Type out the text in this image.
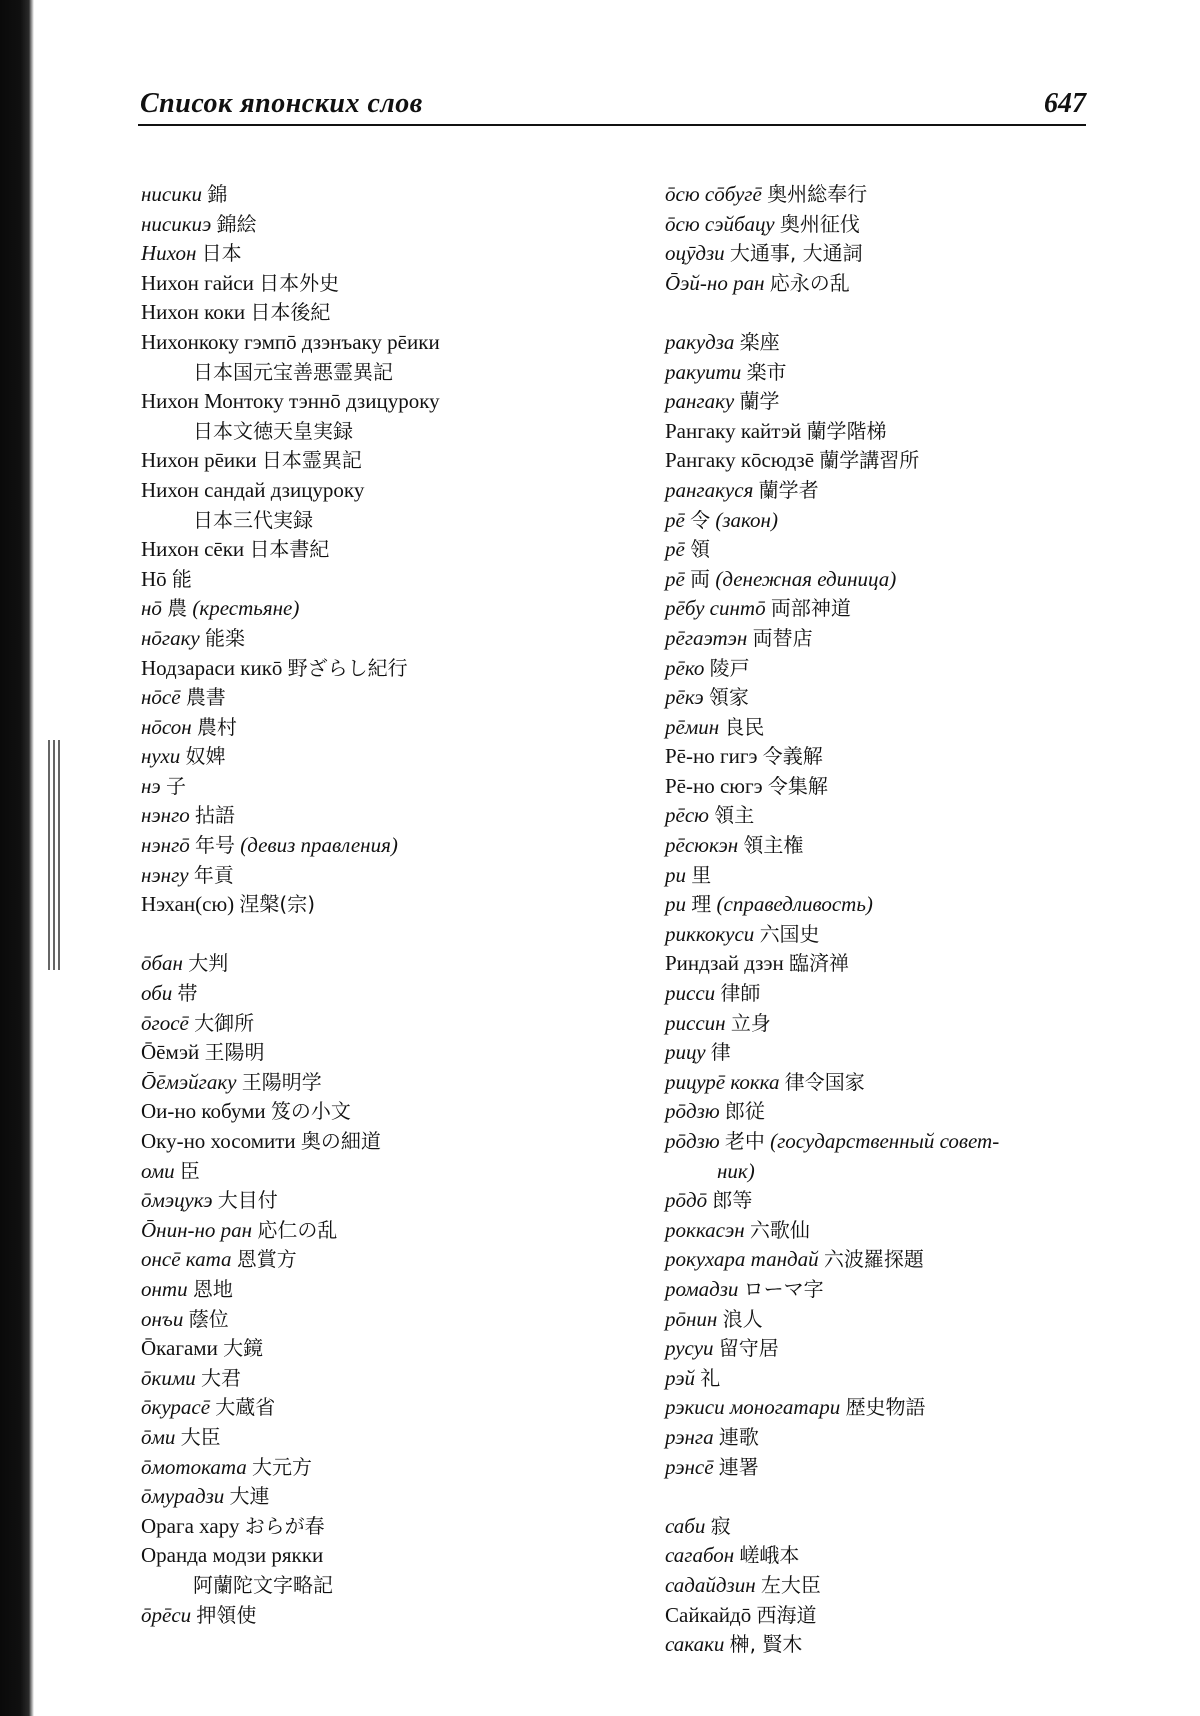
Список японских слов	647
нисики 錦
нисикиэ 錦絵
Нихон 日本
Нихон гайси 日本外史
Нихон коки 日本後紀
Нихонкоку гэмпō дзэнъаку рēики
日本国元宝善悪霊異記
Нихон Монтоку тэннō дзицуроку
日本文徳天皇実録
Нихон рēики 日本霊異記
Нихон сандай дзицуроку
日本三代実録
Нихон сēки 日本書紀
Нō 能
нō 農 (крестьяне)
нōгаку 能楽
Нодзараси кикō 野ざらし紀行
нōсē 農書
нōсон 農村
нухи 奴婢
нэ 子
нэнго 拈語
нэнгō 年号 (девиз правления)
нэнгу 年貢
Нэхан(сю) 涅槃(宗)
ōбан 大判
оби 帯
ōгосē 大御所
Ōēмэй 王陽明
Ōēмэйгаку 王陽明学
Ои-но кобуми 笈の小文
Оку-но хосомити 奥の細道
оми 臣
ōмэцукэ 大目付
Ōнин-но ран 応仁の乱
онсē ката 恩賞方
онти 恩地
онъи 蔭位
Ōкагами 大鏡
ōкими 大君
ōкурасē 大蔵省
ōми 大臣
ōмотоката 大元方
ōмурадзи 大連
Орага хару おらが春
Оранда модзи рякки
阿蘭陀文字略記
ōрēси 押領使
ōсю сōбугē 奥州総奉行
ōсю сэйбацу 奥州征伐
оцӯдзи 大通事, 大通詞
Ōэй-но ран 応永の乱
ракудза 楽座
ракуити 楽市
рангаку 蘭学
Рангаку кайтэй 蘭学階梯
Рангаку кōсюдзē 蘭学講習所
рангакуся 蘭学者
рē 令 (закон)
рē 領
рē 両 (денежная единица)
рēбу синтō 両部神道
рēгаэтэн 両替店
рēко 陵戸
рēкэ 領家
рēмин 良民
Рē-но гигэ 令義解
Рē-но сюгэ 令集解
рēсю 領主
рēсюкэн 領主権
ри 里
ри 理 (справедливость)
риккокуси 六国史
Риндзай дзэн 臨済禅
рисси 律師
риссин 立身
рицу 律
рицурē кокка 律令国家
рōдзю 郎従
рōдзю 老中 (государственный совет-
ник)
рōдō 郎等
роккасэн 六歌仙
рокухара тандай 六波羅探題
ромадзи ローマ字
рōнин 浪人
русуи 留守居
рэй 礼
рэкиси моногатари 歴史物語
рэнга 連歌
рэнсē 連署
саби 寂
сагабон 嵯峨本
садайдзин 左大臣
Сайкайдō 西海道
сакаки 榊, 賢木
